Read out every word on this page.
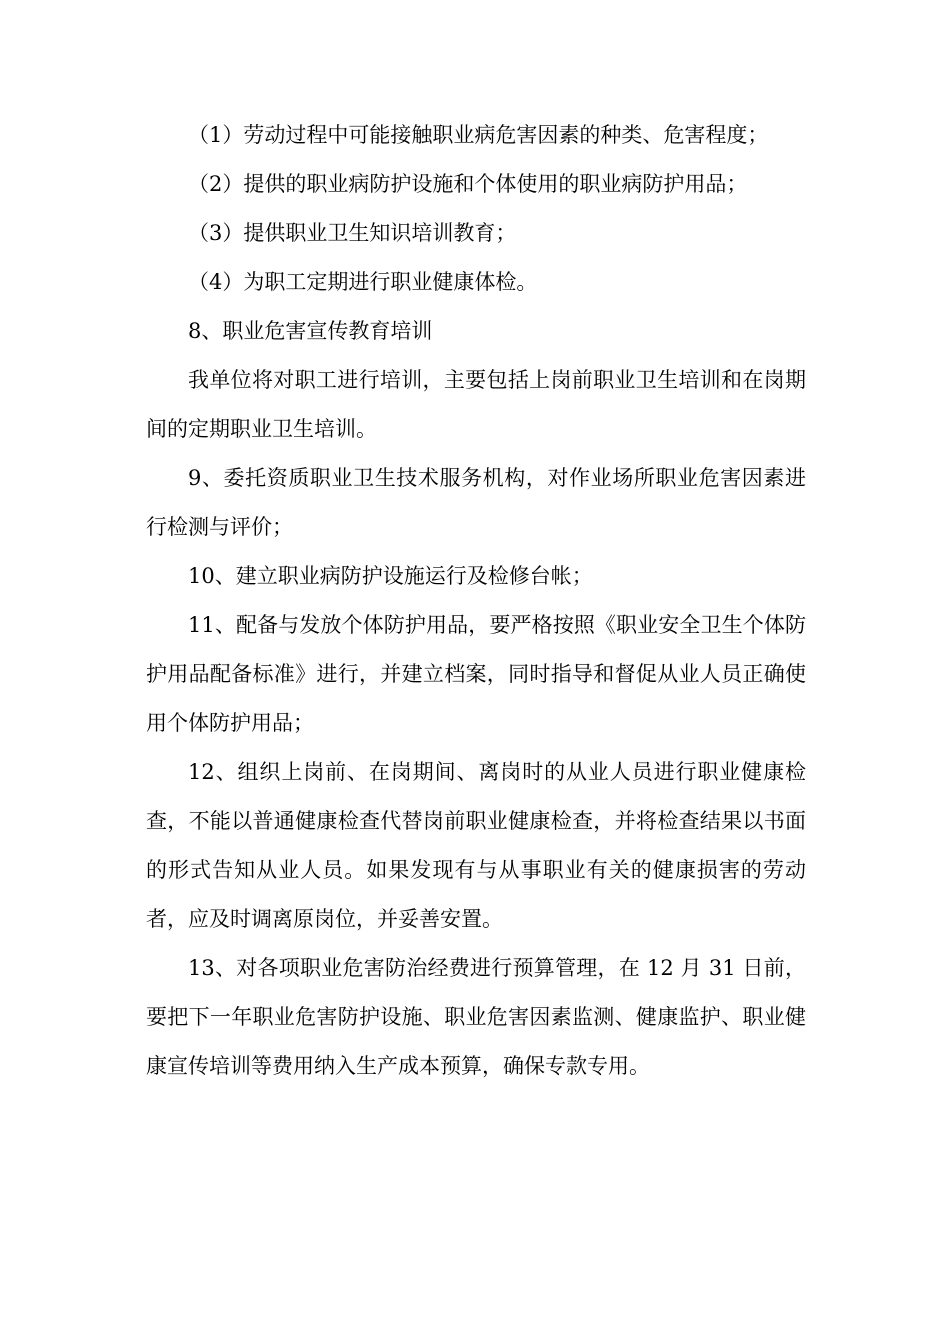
（1）劳动过程中可能接触职业病危害因素的种类、危害程度；

（2）提供的职业病防护设施和个体使用的职业病防护用品；

（3）提供职业卫生知识培训教育；

（4）为职工定期进行职业健康体检。

8、职业危害宣传教育培训

我单位将对职工进行培训，主要包括上岗前职业卫生培训和在岗期间的定期职业卫生培训。

9、委托资质职业卫生技术服务机构，对作业场所职业危害因素进行检测与评价；

10、建立职业病防护设施运行及检修台帐；

11、配备与发放个体防护用品，要严格按照《职业安全卫生个体防护用品配备标准》进行，并建立档案，同时指导和督促从业人员正确使用个体防护用品；

12、组织上岗前、在岗期间、离岗时的从业人员进行职业健康检查，不能以普通健康检查代替岗前职业健康检查，并将检查结果以书面的形式告知从业人员。如果发现有与从事职业有关的健康损害的劳动者，应及时调离原岗位，并妥善安置。

13、对各项职业危害防治经费进行预算管理，在 12 月 31 日前，要把下一年职业危害防护设施、职业危害因素监测、健康监护、职业健康宣传培训等费用纳入生产成本预算，确保专款专用。
